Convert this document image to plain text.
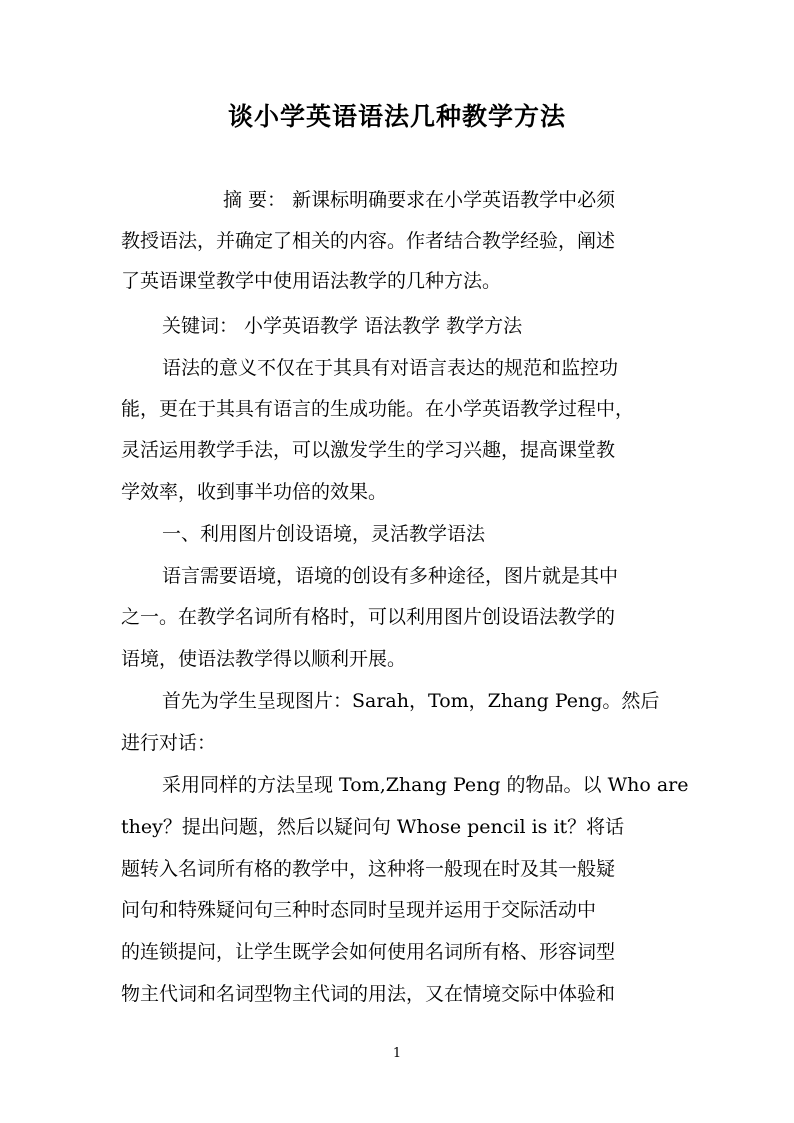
谈小学英语语法几种教学方法
摘 要： 新课标明确要求在小学英语教学中必须
教授语法，并确定了相关的内容。作者结合教学经验，阐述
了英语课堂教学中使用语法教学的几种方法。
关键词： 小学英语教学 语法教学 教学方法
语法的意义不仅在于其具有对语言表达的规范和监控功
能，更在于其具有语言的生成功能。在小学英语教学过程中，
灵活运用教学手法，可以激发学生的学习兴趣，提高课堂教
学效率，收到事半功倍的效果。
一、利用图片创设语境，灵活教学语法
语言需要语境，语境的创设有多种途径，图片就是其中
之一。在教学名词所有格时，可以利用图片创设语法教学的
语境，使语法教学得以顺利开展。
首先为学生呈现图片：Sarah，Tom，Zhang Peng。然后
进行对话：
采用同样的方法呈现 Tom,Zhang Peng 的物品。以 Who are
they？提出问题，然后以疑问句 Whose pencil is it？将话
题转入名词所有格的教学中，这种将一般现在时及其一般疑
问句和特殊疑问句三种时态同时呈现并运用于交际活动中
的连锁提问，让学生既学会如何使用名词所有格、形容词型
物主代词和名词型物主代词的用法，又在情境交际中体验和
1
